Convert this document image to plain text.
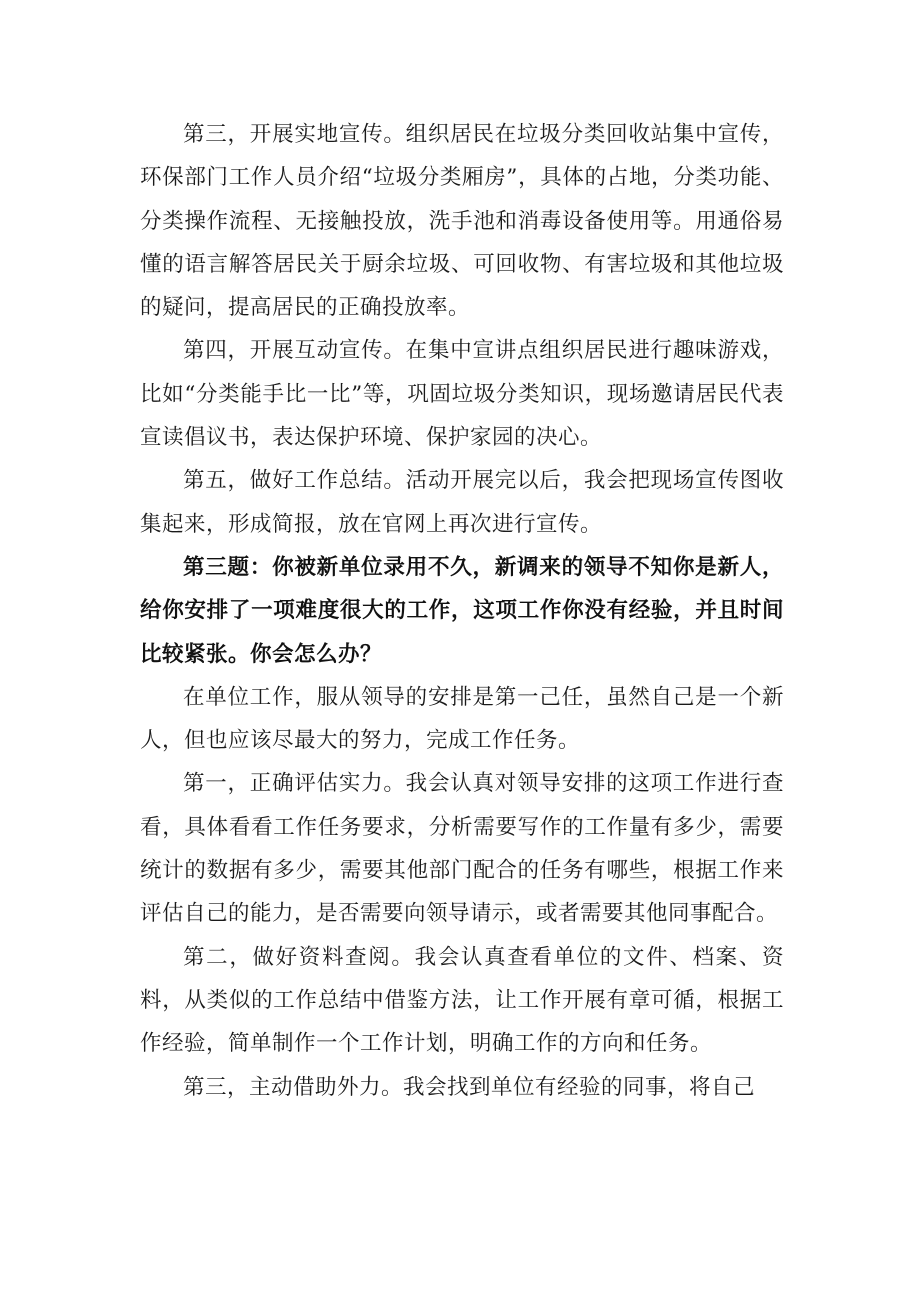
第三，开展实地宣传。组织居民在垃圾分类回收站集中宣传，环保部门工作人员介绍“垃圾分类厢房”，具体的占地，分类功能、分类操作流程、无接触投放，洗手池和消毒设备使用等。用通俗易懂的语言解答居民关于厨余垃圾、可回收物、有害垃圾和其他垃圾的疑问，提高居民的正确投放率。

第四，开展互动宣传。在集中宣讲点组织居民进行趣味游戏，比如“分类能手比一比”等，巩固垃圾分类知识，现场邀请居民代表宣读倡议书，表达保护环境、保护家园的决心。

第五，做好工作总结。活动开展完以后，我会把现场宣传图收集起来，形成简报，放在官网上再次进行宣传。

第三题：你被新单位录用不久，新调来的领导不知你是新人，给你安排了一项难度很大的工作，这项工作你没有经验，并且时间比较紧张。你会怎么办？

在单位工作，服从领导的安排是第一己任，虽然自己是一个新人，但也应该尽最大的努力，完成工作任务。

第一，正确评估实力。我会认真对领导安排的这项工作进行查看，具体看看工作任务要求，分析需要写作的工作量有多少，需要统计的数据有多少，需要其他部门配合的任务有哪些，根据工作来评估自己的能力，是否需要向领导请示，或者需要其他同事配合。

第二，做好资料查阅。我会认真查看单位的文件、档案、资料，从类似的工作总结中借鉴方法，让工作开展有章可循，根据工作经验，简单制作一个工作计划，明确工作的方向和任务。

第三，主动借助外力。我会找到单位有经验的同事，将自己
